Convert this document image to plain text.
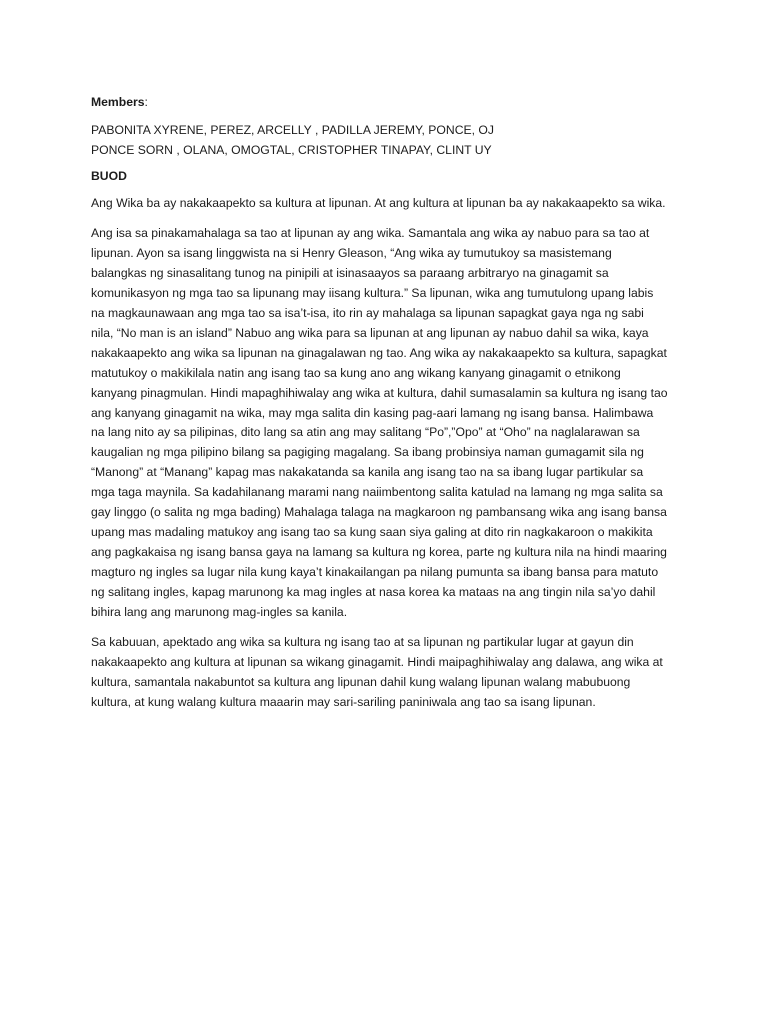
Members:

PABONITA XYRENE, PEREZ, ARCELLY , PADILLA JEREMY, PONCE, OJ

PONCE SORN , OLANA, OMOGTAL, CRISTOPHER TINAPAY, CLINT UY

BUOD

Ang Wika ba ay nakakaapekto sa kultura at lipunan. At ang kultura at lipunan ba ay nakakaapekto sa wika.

Ang isa sa pinakamahalaga sa tao at lipunan ay ang wika. Samantala ang wika ay nabuo para sa tao at lipunan. Ayon sa isang linggwista na si Henry Gleason, “Ang wika ay tumutukoy sa masistemang balangkas ng sinasalitang tunog na pinipili at isinasaayos sa paraang arbitraryo na ginagamit sa komunikasyon ng mga tao sa lipunang may iisang kultura.” Sa lipunan, wika ang tumutulong upang labis na magkaunawaan ang mga tao sa isa’t-isa, ito rin ay mahalaga sa lipunan sapagkat gaya nga ng sabi nila, “No man is an island” Nabuo ang wika para sa lipunan at ang lipunan ay nabuo dahil sa wika, kaya nakakaapekto ang wika sa lipunan na ginagalawan ng tao. Ang wika ay nakakaapekto sa kultura, sapagkat matutukoy o makikilala natin ang isang tao sa kung ano ang wikang kanyang ginagamit o etnikong kanyang pinagmulan. Hindi mapaghihiwalay ang wika at kultura, dahil sumasalamin sa kultura ng isang tao ang kanyang ginagamit na wika, may mga salita din kasing pag-aari lamang ng isang bansa. Halimbawa na lang nito ay sa pilipinas, dito lang sa atin ang may salitang “Po”,”Opo” at “Oho” na naglalarawan sa kaugalian ng mga pilipino bilang sa pagiging magalang. Sa ibang probinsiya naman gumagamit sila ng “Manong” at “Manang” kapag mas nakakatanda sa kanila ang isang tao na sa ibang lugar partikular sa mga taga maynila. Sa kadahilanang marami nang naiimbentong salita katulad na lamang ng mga salita sa gay linggo (o salita ng mga bading) Mahalaga talaga na magkaroon ng pambansang wika ang isang bansa upang mas madaling matukoy ang isang tao sa kung saan siya galing at dito rin nagkakaroon o makikita ang pagkakaisa ng isang bansa gaya na lamang sa kultura ng korea, parte ng kultura nila na hindi maaring magturo ng ingles sa lugar nila kung kaya’t kinakailangan pa nilang pumunta sa ibang bansa para matuto ng salitang ingles, kapag marunong ka mag ingles at nasa korea ka mataas na ang tingin nila sa’yo dahil bihira lang ang marunong mag-ingles sa kanila.

Sa kabuuan, apektado ang wika sa kultura ng isang tao at sa lipunan ng partikular lugar at gayun din nakakaapekto ang kultura at lipunan sa wikang ginagamit. Hindi maipaghihiwalay ang dalawa, ang wika at kultura, samantala nakabuntot sa kultura ang lipunan dahil kung walang lipunan walang mabubuong kultura, at kung walang kultura maaarin may sari-sariling paniniwala ang tao sa isang lipunan.
